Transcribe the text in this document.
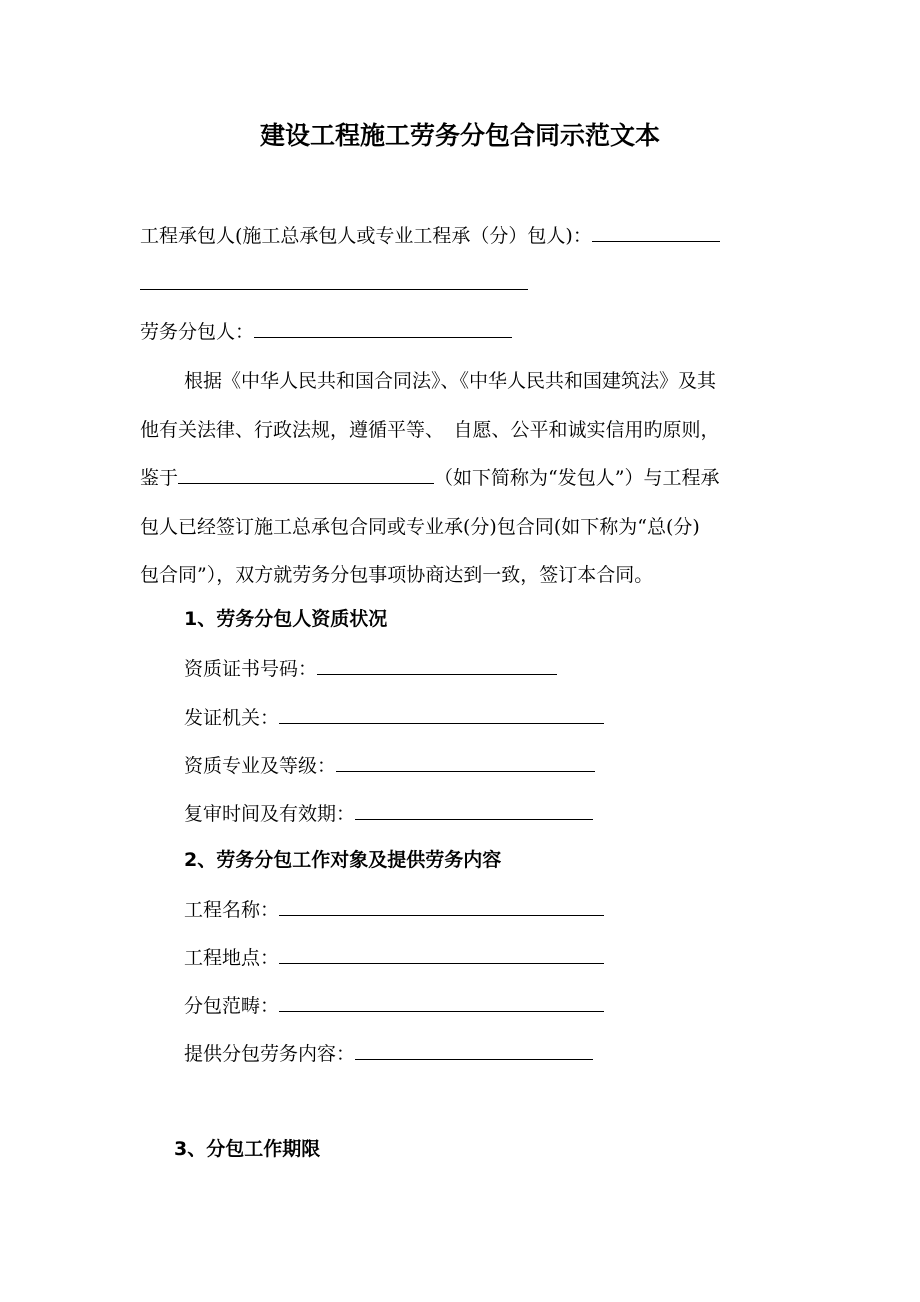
建设工程施工劳务分包合同示范文本
工程承包人(施工总承包人或专业工程承（分）包人)：
劳务分包人：
根据《中华人民共和国合同法》、《中华人民共和国建筑法》及其
他有关法律、行政法规，遵循平等、　自愿、公平和诚实信用旳原则，
鉴于	（如下简称为“发包人”）与工程承
包人已经签订施工总承包合同或专业承(分)包合同(如下称为“总(分)
包合同”），双方就劳务分包事项协商达到一致，签订本合同。
1、劳务分包人资质状况
资质证书号码：
发证机关：
资质专业及等级：
复审时间及有效期：
2、劳务分包工作对象及提供劳务内容
工程名称：
工程地点：
分包范畴：
提供分包劳务内容：
3、分包工作期限
